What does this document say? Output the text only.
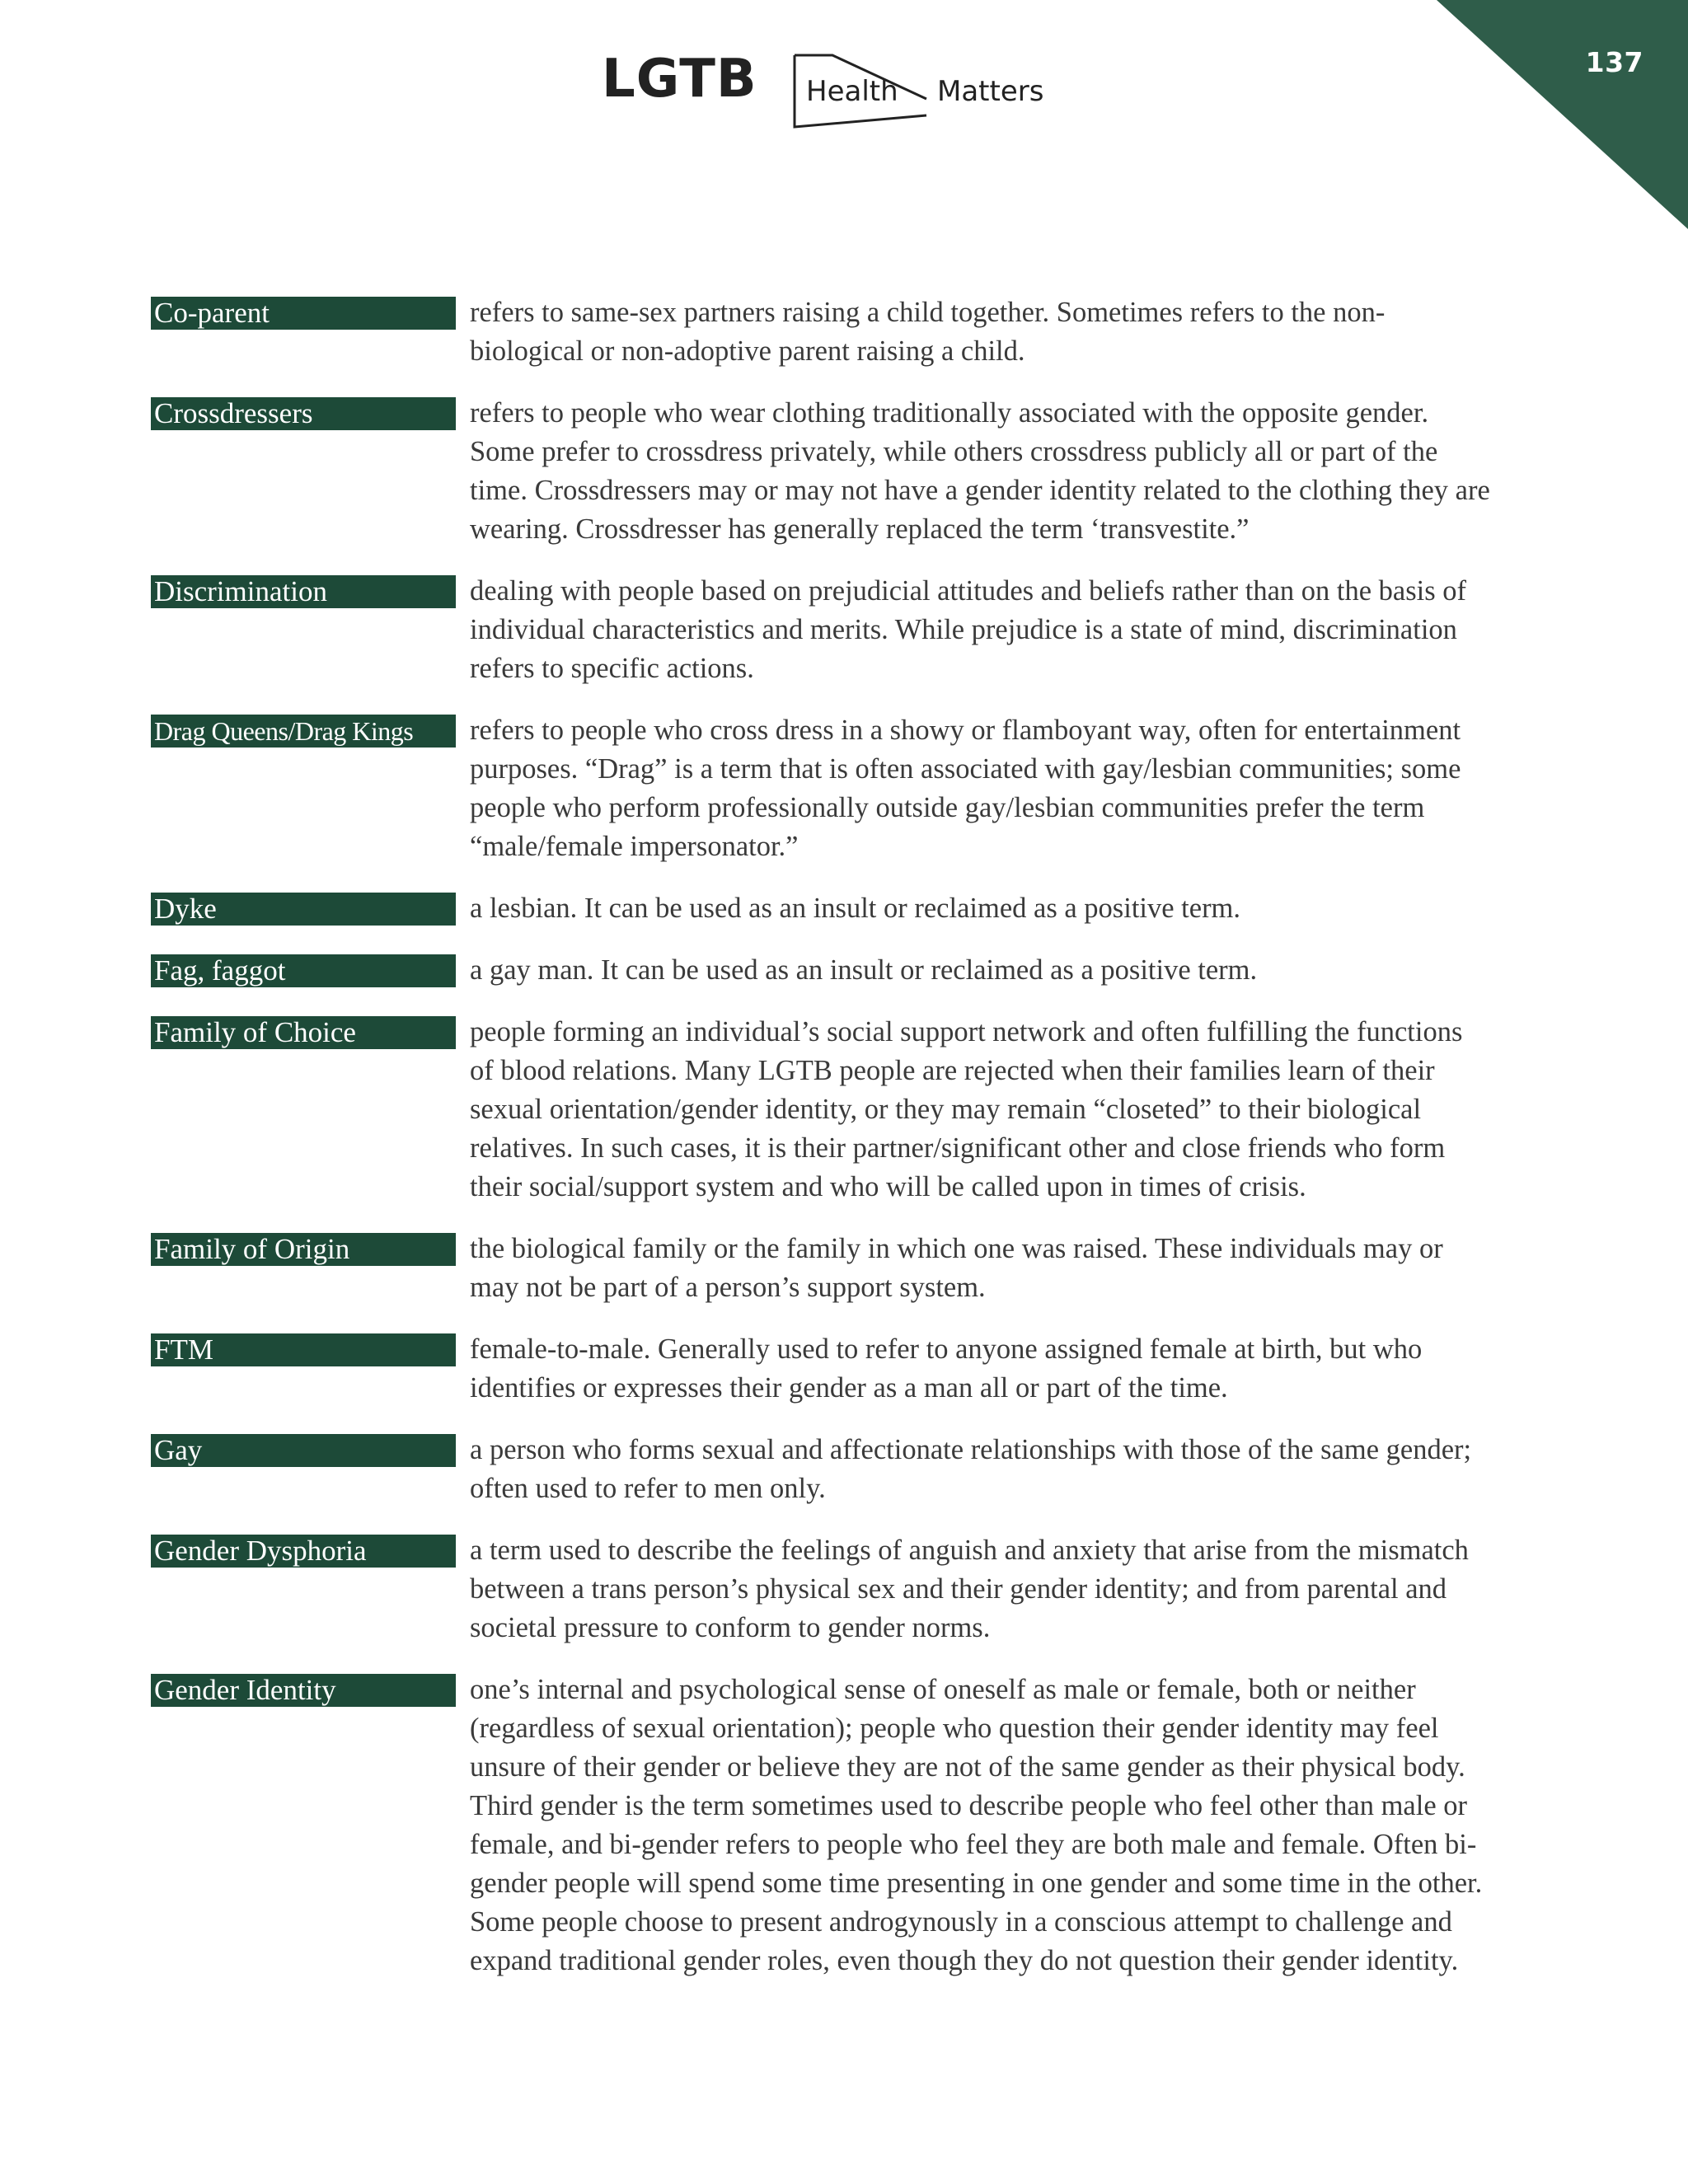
137
LGTB Health Matters
Co-parent	refers to same-sex partners raising a child together. Sometimes refers to the non-biological or non-adoptive parent raising a child.
Crossdressers	refers to people who wear clothing traditionally associated with the opposite gender. Some prefer to crossdress privately, while others crossdress publicly all or part of the time. Crossdressers may or may not have a gender identity related to the clothing they are wearing. Crossdresser has generally replaced the term ‘transvestite.”
Discrimination	dealing with people based on prejudicial attitudes and beliefs rather than on the basis of individual characteristics and merits. While prejudice is a state of mind, discrimination refers to specific actions.
Drag Queens/Drag Kings	refers to people who cross dress in a showy or flamboyant way, often for entertainment purposes. “Drag” is a term that is often associated with gay/lesbian communities; some people who perform professionally outside gay/lesbian communities prefer the term “male/female impersonator.”
Dyke	a lesbian. It can be used as an insult or reclaimed as a positive term.
Fag, faggot	a gay man. It can be used as an insult or reclaimed as a positive term.
Family of Choice	people forming an individual’s social support network and often fulfilling the functions of blood relations. Many LGTB people are rejected when their families learn of their sexual orientation/gender identity, or they may remain “closeted” to their biological relatives. In such cases, it is their partner/significant other and close friends who form their social/support system and who will be called upon in times of crisis.
Family of Origin	the biological family or the family in which one was raised. These individuals may or may not be part of a person’s support system.
FTM	female-to-male. Generally used to refer to anyone assigned female at birth, but who identifies or expresses their gender as a man all or part of the time.
Gay	a person who forms sexual and affectionate relationships with those of the same gender; often used to refer to men only.
Gender Dysphoria	a term used to describe the feelings of anguish and anxiety that arise from the mismatch between a trans person’s physical sex and their gender identity; and from parental and societal pressure to conform to gender norms.
Gender Identity	one’s internal and psychological sense of oneself as male or female, both or neither (regardless of sexual orientation); people who question their gender identity may feel unsure of their gender or believe they are not of the same gender as their physical body. Third gender is the term sometimes used to describe people who feel other than male or female, and bi-gender refers to people who feel they are both male and female. Often bi-gender people will spend some time presenting in one gender and some time in the other. Some people choose to present androgynously in a conscious attempt to challenge and expand traditional gender roles, even though they do not question their gender identity.
